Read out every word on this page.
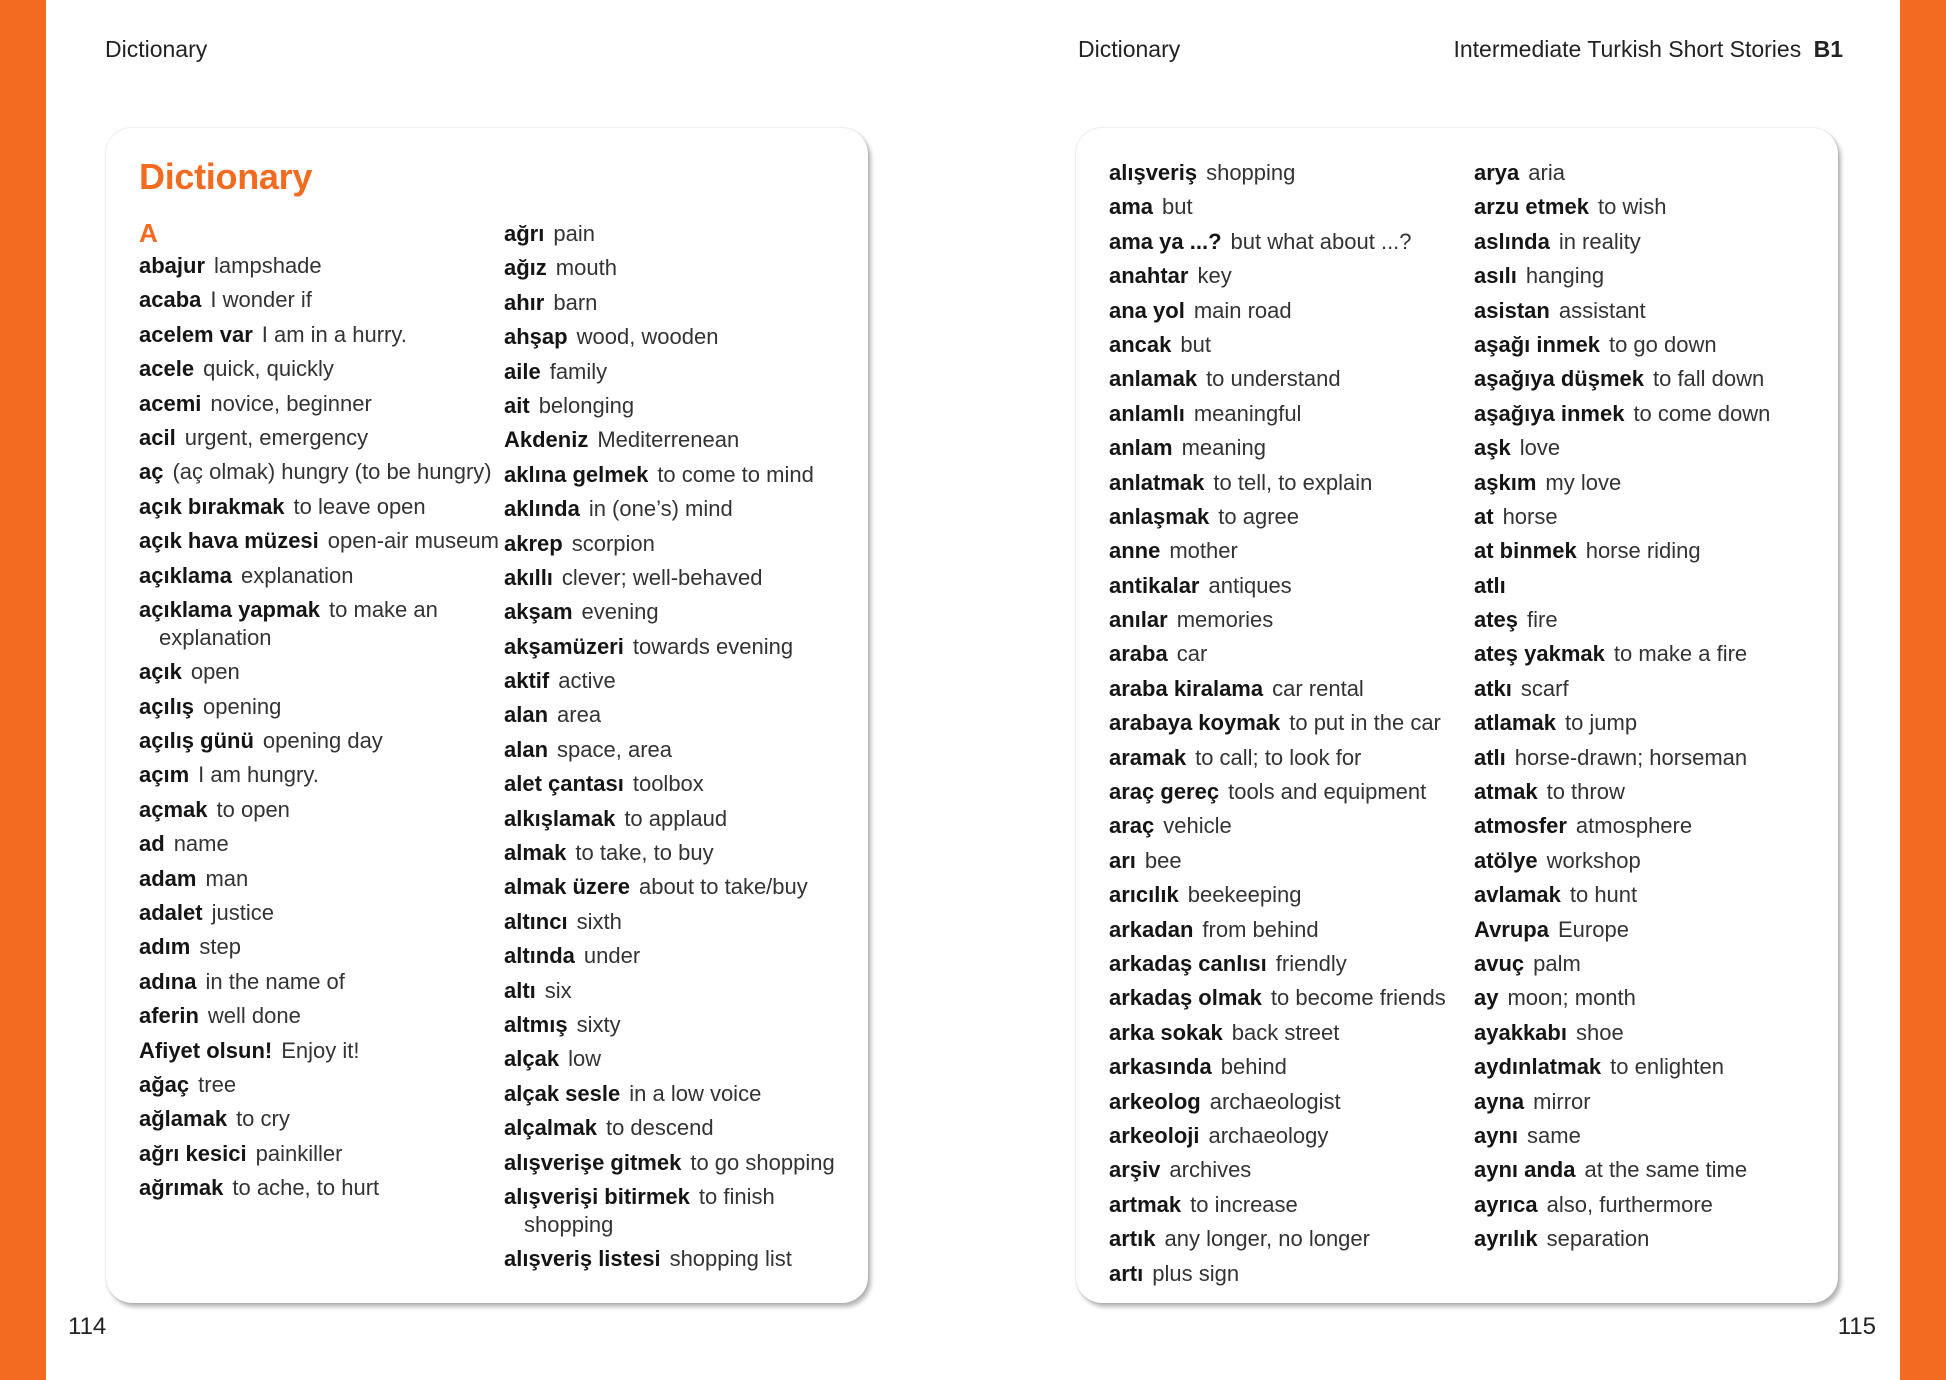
Dictionary
Dictionary
A
abajur lampshade
acaba I wonder if
acelem var I am in a hurry.
acele quick, quickly
acemi novice, beginner
acil urgent, emergency
aç (aç olmak) hungry (to be hungry)
açık bırakmak to leave open
açık hava müzesi open-air museum
açıklama explanation
açıklama yapmak to make an explanation
açık open
açılış opening
açılış günü opening day
açım I am hungry.
açmak to open
ad name
adam man
adalet justice
adım step
adına in the name of
aferin well done
Afiyet olsun! Enjoy it!
ağaç tree
ağlamak to cry
ağrı kesici painkiller
ağrımak to ache, to hurt
ağrı pain
ağız mouth
ahır barn
ahşap wood, wooden
aile family
ait belonging
Akdeniz Mediterrenean
aklına gelmek to come to mind
aklında in (one’s) mind
akrep scorpion
akıllı clever; well-behaved
akşam evening
akşamüzeri towards evening
aktif active
alan area
alan space, area
alet çantası toolbox
alkışlamak to applaud
almak to take, to buy
almak üzere about to take/buy
altıncı sixth
altında under
altı six
altmış sixty
alçak low
alçak sesle in a low voice
alçalmak to descend
alışverişe gitmek to go shopping
alışverişi bitirmek to finish shopping
alışveriş listesi shopping list
114
Dictionary	Intermediate Turkish Short Stories B1
alışveriş shopping
ama but
ama ya ...? but what about ...?
anahtar key
ana yol main road
ancak but
anlamak to understand
anlamlı meaningful
anlam meaning
anlatmak to tell, to explain
anlaşmak to agree
anne mother
antikalar antiques
anılar memories
araba car
araba kiralama car rental
arabaya koymak to put in the car
aramak to call; to look for
araç gereç tools and equipment
araç vehicle
arı bee
arıcılık beekeeping
arkadan from behind
arkadaş canlısı friendly
arkadaş olmak to become friends
arka sokak back street
arkasında behind
arkeolog archaeologist
arkeoloji archaeology
arşiv archives
artmak to increase
artık any longer, no longer
artı plus sign
arya aria
arzu etmek to wish
aslında in reality
asılı hanging
asistan assistant
aşağı inmek to go down
aşağıya düşmek to fall down
aşağıya inmek to come down
aşk love
aşkım my love
at horse
at binmek horse riding
atlı
ateş fire
ateş yakmak to make a fire
atkı scarf
atlamak to jump
atlı horse-drawn; horseman
atmak to throw
atmosfer atmosphere
atölye workshop
avlamak to hunt
Avrupa Europe
avuç palm
ay moon; month
ayakkabı shoe
aydınlatmak to enlighten
ayna mirror
aynı same
aynı anda at the same time
ayrıca also, furthermore
ayrılık separation
115
